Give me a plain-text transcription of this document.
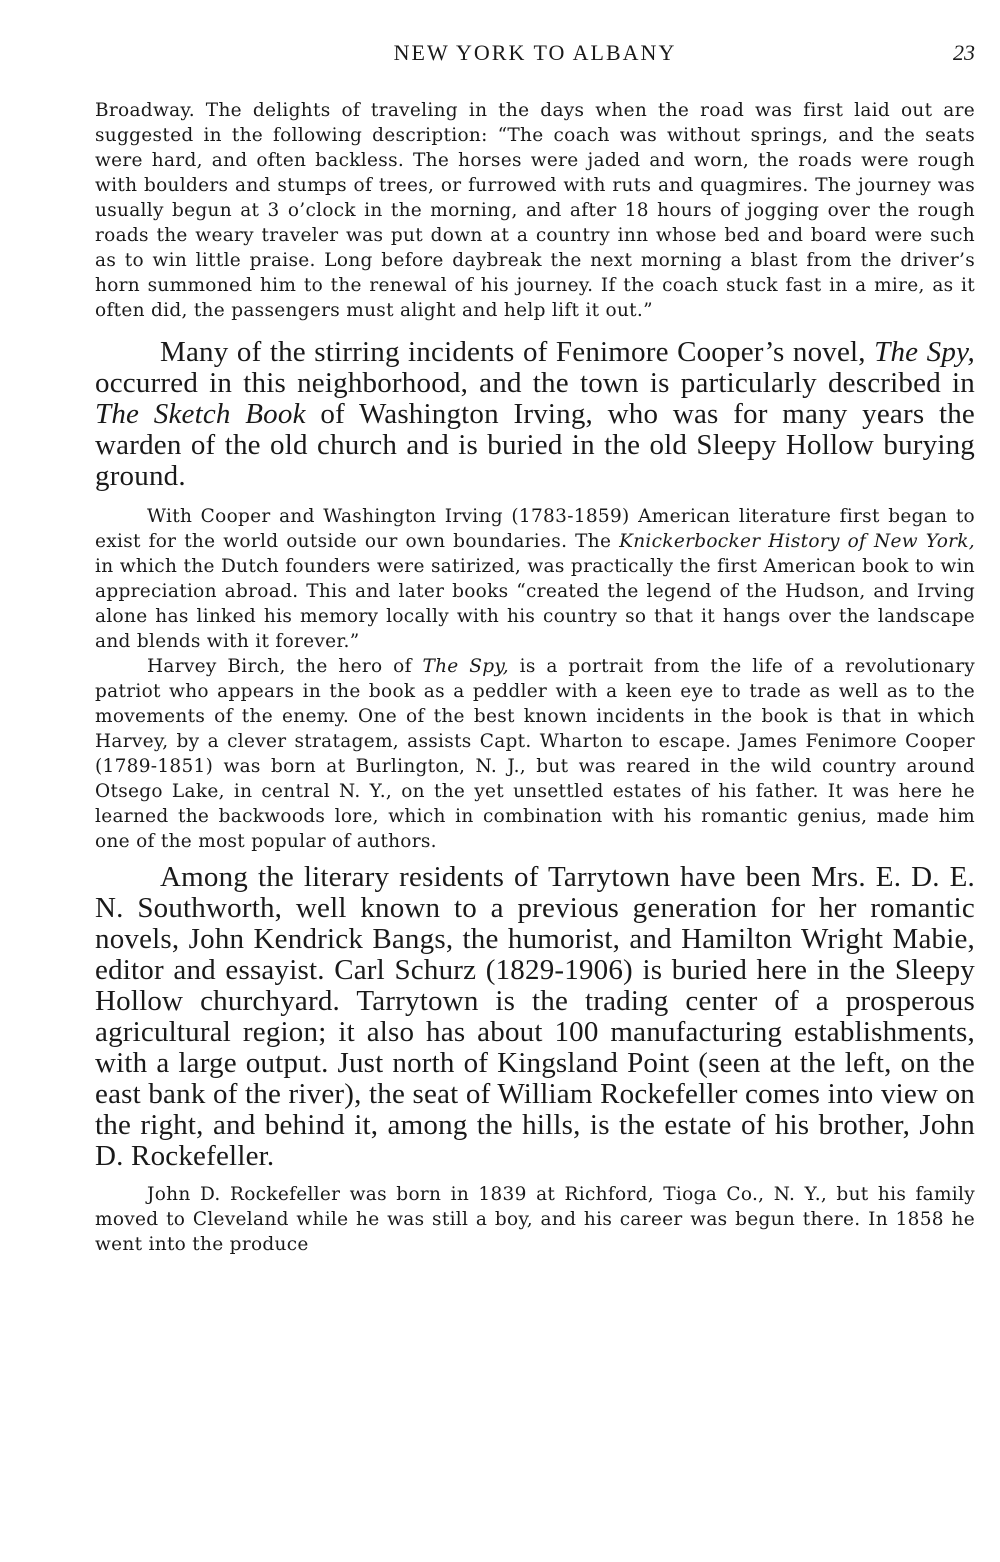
NEW YORK TO ALBANY	23

Broadway. The delights of traveling in the days when the road was first laid out are suggested in the following description: “The coach was without springs, and the seats were hard, and often backless. The horses were jaded and worn, the roads were rough with boulders and stumps of trees, or furrowed with ruts and quagmires. The journey was usually begun at 3 o’clock in the morning, and after 18 hours of jogging over the rough roads the weary traveler was put down at a country inn whose bed and board were such as to win little praise. Long before daybreak the next morning a blast from the driver’s horn summoned him to the renewal of his journey. If the coach stuck fast in a mire, as it often did, the passengers must alight and help lift it out.”

Many of the stirring incidents of Fenimore Cooper’s novel, The Spy, occurred in this neighborhood, and the town is particularly described in The Sketch Book of Washington Irving, who was for many years the warden of the old church and is buried in the old Sleepy Hollow burying ground.

With Cooper and Washington Irving (1783-1859) American literature first began to exist for the world outside our own boundaries. The Knickerbocker History of New York, in which the Dutch founders were satirized, was practically the first American book to win appreciation abroad. This and later books “created the legend of the Hudson, and Irving alone has linked his memory locally with his country so that it hangs over the landscape and blends with it forever.”

Harvey Birch, the hero of The Spy, is a portrait from the life of a revolutionary patriot who appears in the book as a peddler with a keen eye to trade as well as to the movements of the enemy. One of the best known incidents in the book is that in which Harvey, by a clever stratagem, assists Capt. Wharton to escape. James Fenimore Cooper (1789-1851) was born at Burlington, N. J., but was reared in the wild country around Otsego Lake, in central N. Y., on the yet unsettled estates of his father. It was here he learned the backwoods lore, which in combination with his romantic genius, made him one of the most popular of authors.

Among the literary residents of Tarrytown have been Mrs. E. D. E. N. Southworth, well known to a previous generation for her romantic novels, John Kendrick Bangs, the humorist, and Hamilton Wright Mabie, editor and essayist. Carl Schurz (1829-1906) is buried here in the Sleepy Hollow churchyard. Tarrytown is the trading center of a prosperous agricultural region; it also has about 100 manufacturing establishments, with a large output. Just north of Kingsland Point (seen at the left, on the east bank of the river), the seat of William Rockefeller comes into view on the right, and behind it, among the hills, is the estate of his brother, John D. Rockefeller.

John D. Rockefeller was born in 1839 at Richford, Tioga Co., N. Y., but his family moved to Cleveland while he was still a boy, and his career was begun there. In 1858 he went into the produce
